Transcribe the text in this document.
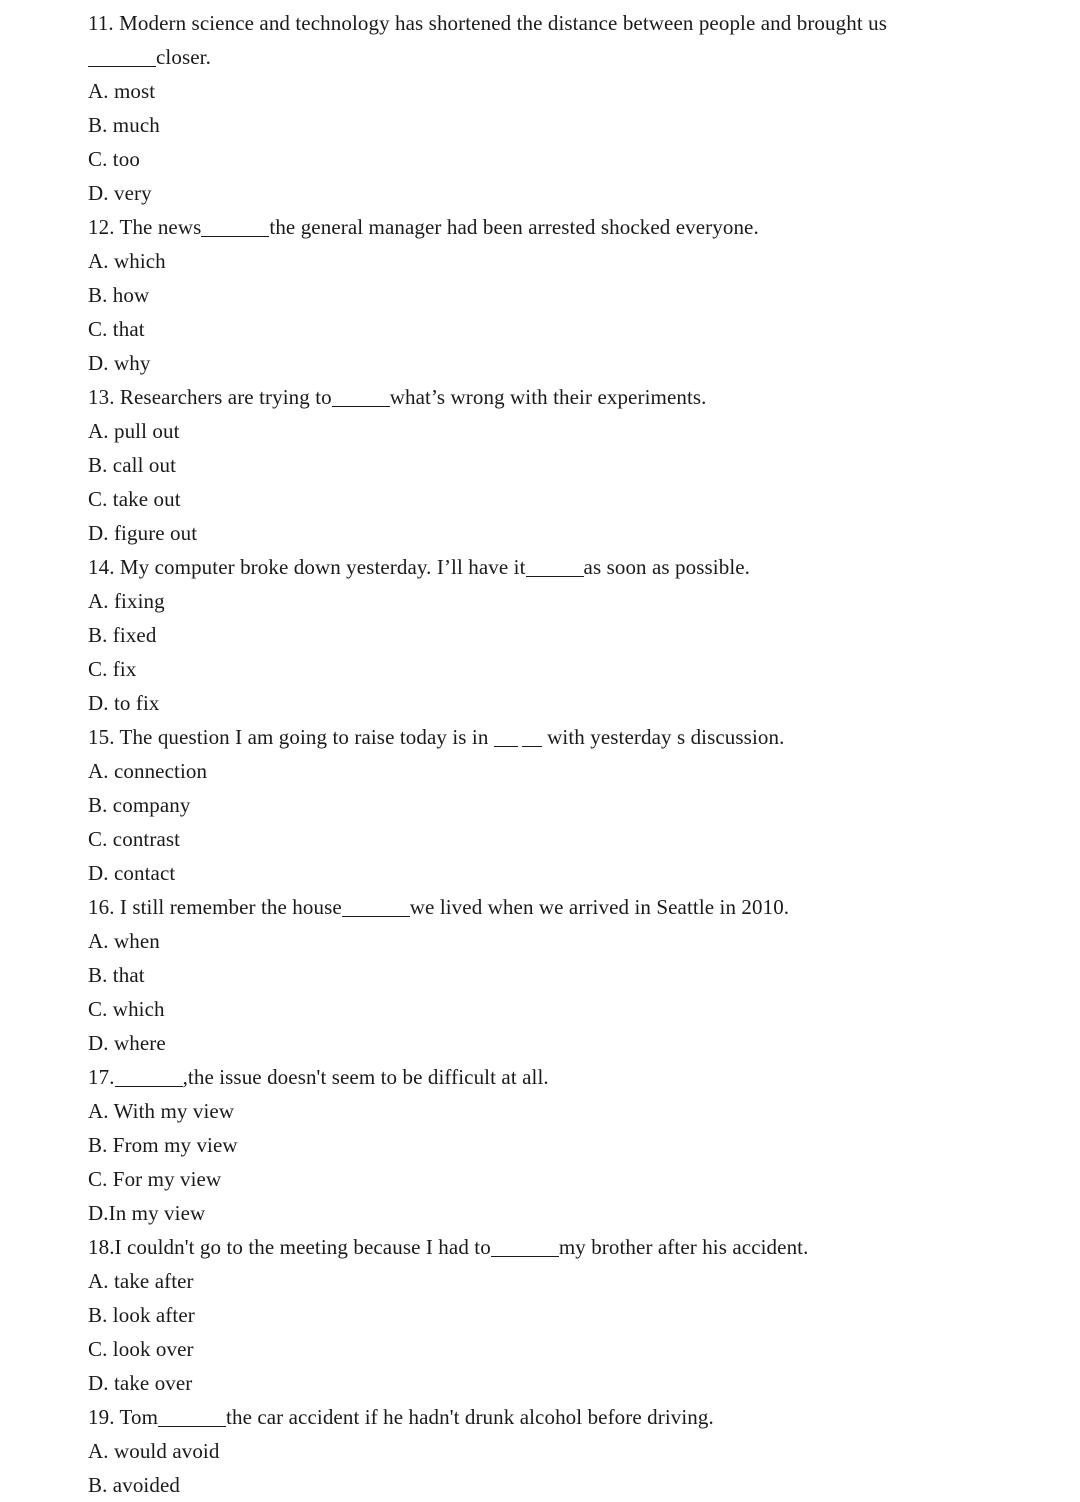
11. Modern science and technology has shortened the distance between people and brought us
closer.
A. most
B. much
C. too
D. very
12. The news	the general manager had been arrested shocked everyone.
A. which
B. how
C. that
D. why
13. Researchers are trying to	what’s wrong with their experiments.
A. pull out
B. call out
C. take out
D. figure out
14. My computer broke down yesterday. I’ll have it	as soon as possible.
A. fixing
B. fixed
C. fix
D. to fix
15. The question I am going to raise today is in	with yesterday s discussion.
A. connection
B. company
C. contrast
D. contact
16. I still remember the house	we lived when we arrived in Seattle in 2010.
A. when
B. that
C. which
D. where
17.	,the issue doesn't seem to be difficult at all.
A. With my view
B. From my view
C. For my view
D.In my view
18.I couldn't go to the meeting because I had to	my brother after his accident.
A. take after
B. look after
C. look over
D. take over
19. Tom	the car accident if he hadn't drunk alcohol before driving.
A. would avoid
B. avoided
